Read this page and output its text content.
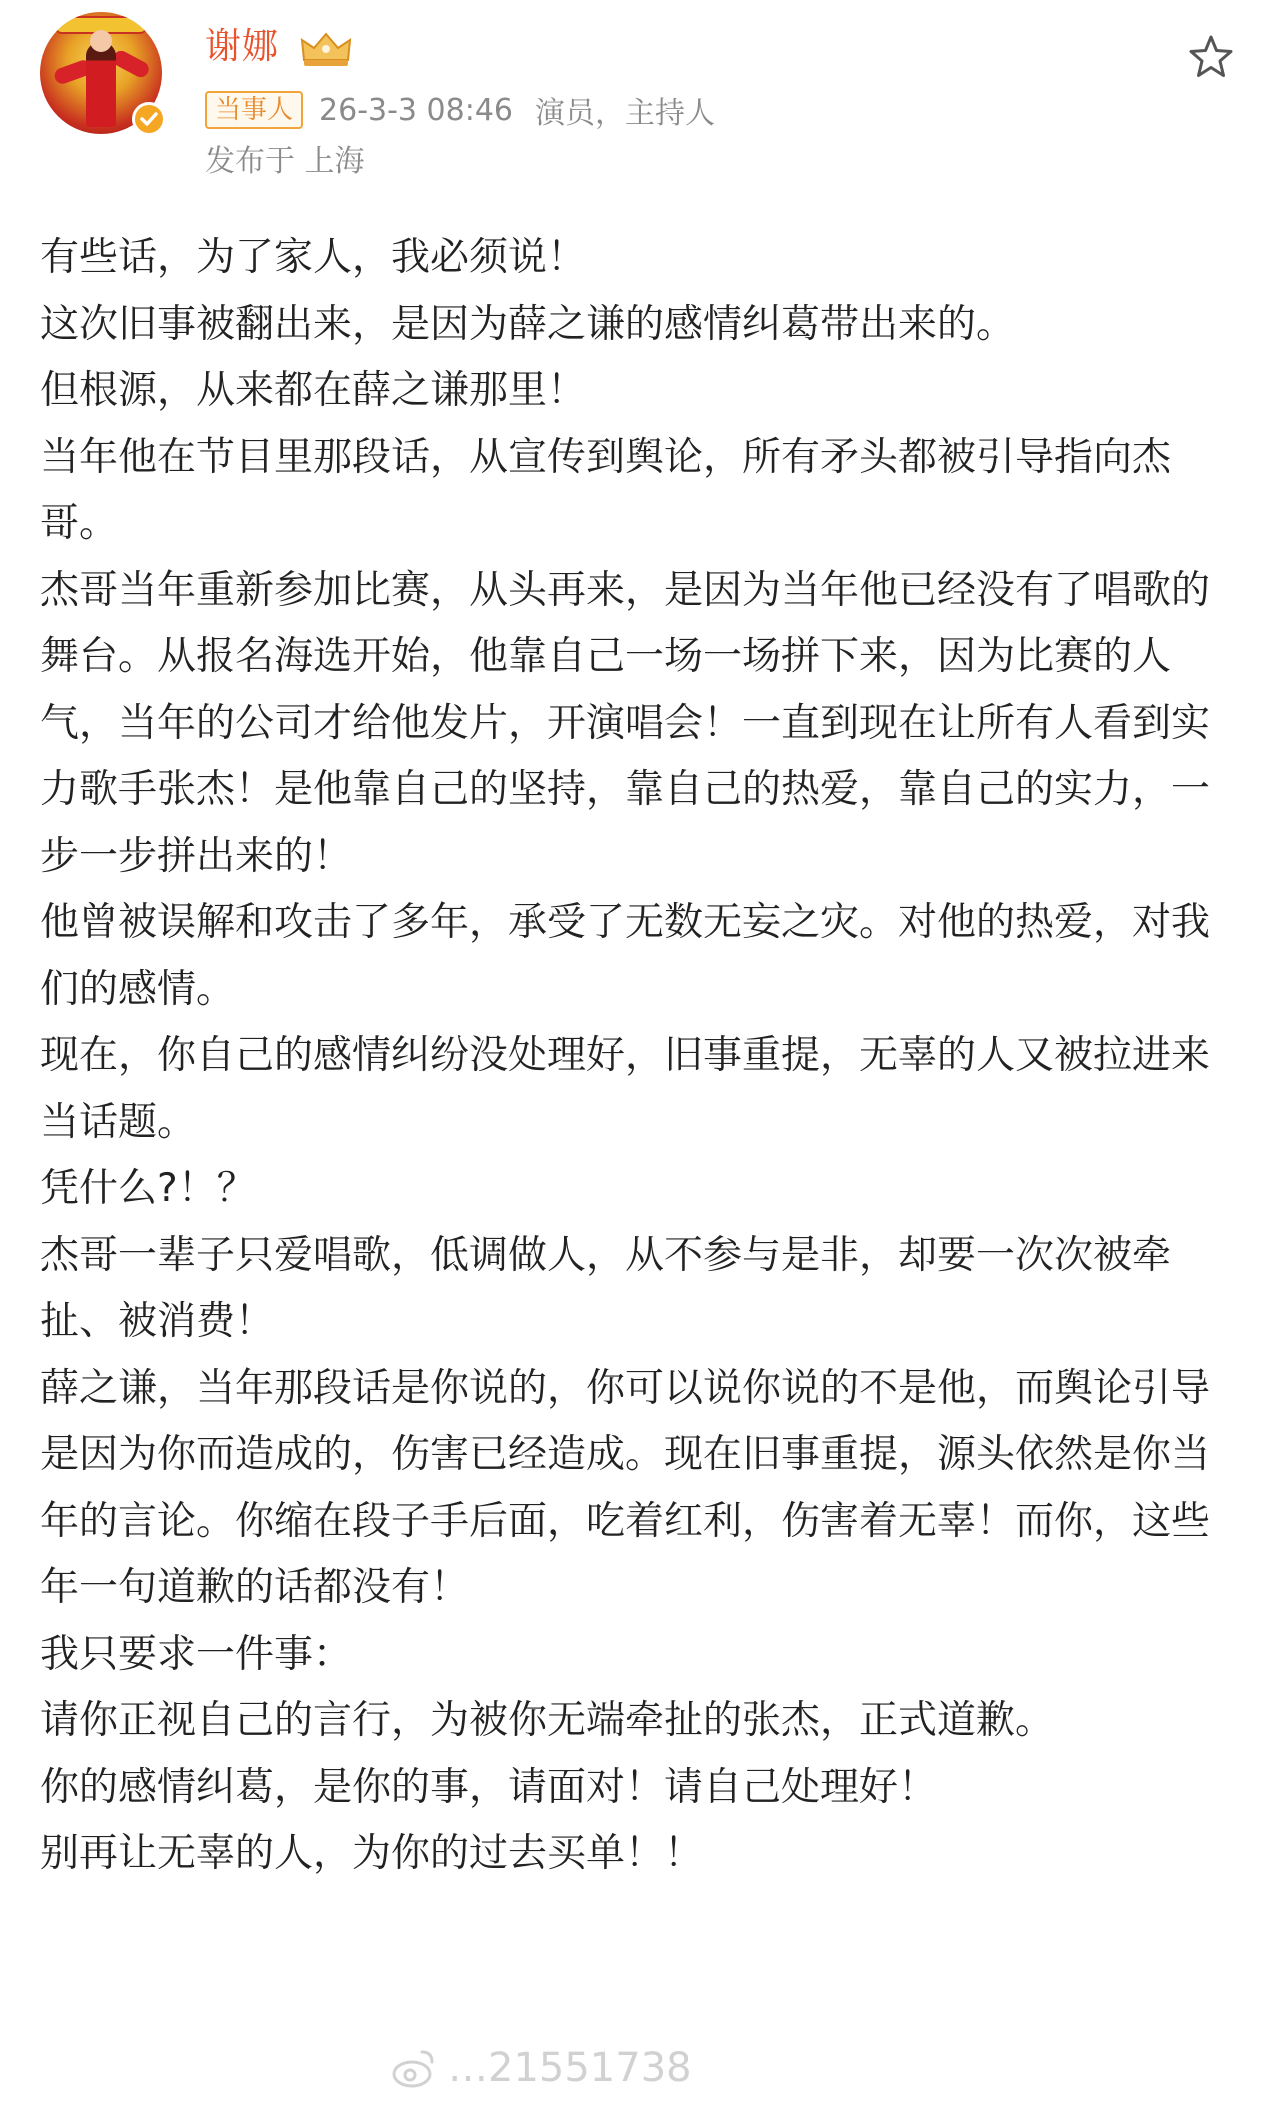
谢娜
当事人 26-3-3 08:46 演员，主持人
发布于 上海

有些话，为了家人，我必须说！

这次旧事被翻出来，是因为薛之谦的感情纠葛带出来的。

但根源，从来都在薛之谦那里！

当年他在节目里那段话，从宣传到舆论，所有矛头都被引导指向杰哥。

杰哥当年重新参加比赛，从头再来，是因为当年他已经没有了唱歌的舞台。从报名海选开始，他靠自己一场一场拼下来，因为比赛的人气，当年的公司才给他发片，开演唱会！一直到现在让所有人看到实力歌手张杰！是他靠自己的坚持，靠自己的热爱，靠自己的实力，一步一步拼出来的！

他曾被误解和攻击了多年，承受了无数无妄之灾。对他的热爱，对我们的感情。

现在，你自己的感情纠纷没处理好，旧事重提，无辜的人又被拉进来当话题。

凭什么?！？

杰哥一辈子只爱唱歌，低调做人，从不参与是非，却要一次次被牵扯、被消费！

薛之谦，当年那段话是你说的，你可以说你说的不是他，而舆论引导是因为你而造成的，伤害已经造成。现在旧事重提，源头依然是你当年的言论。你缩在段子手后面，吃着红利，伤害着无辜！而你，这些年一句道歉的话都没有！

我只要求一件事：

请你正视自己的言行，为被你无端牵扯的张杰，正式道歉。

你的感情纠葛，是你的事，请面对！请自己处理好！

别再让无辜的人，为你的过去买单！！

…21551738
